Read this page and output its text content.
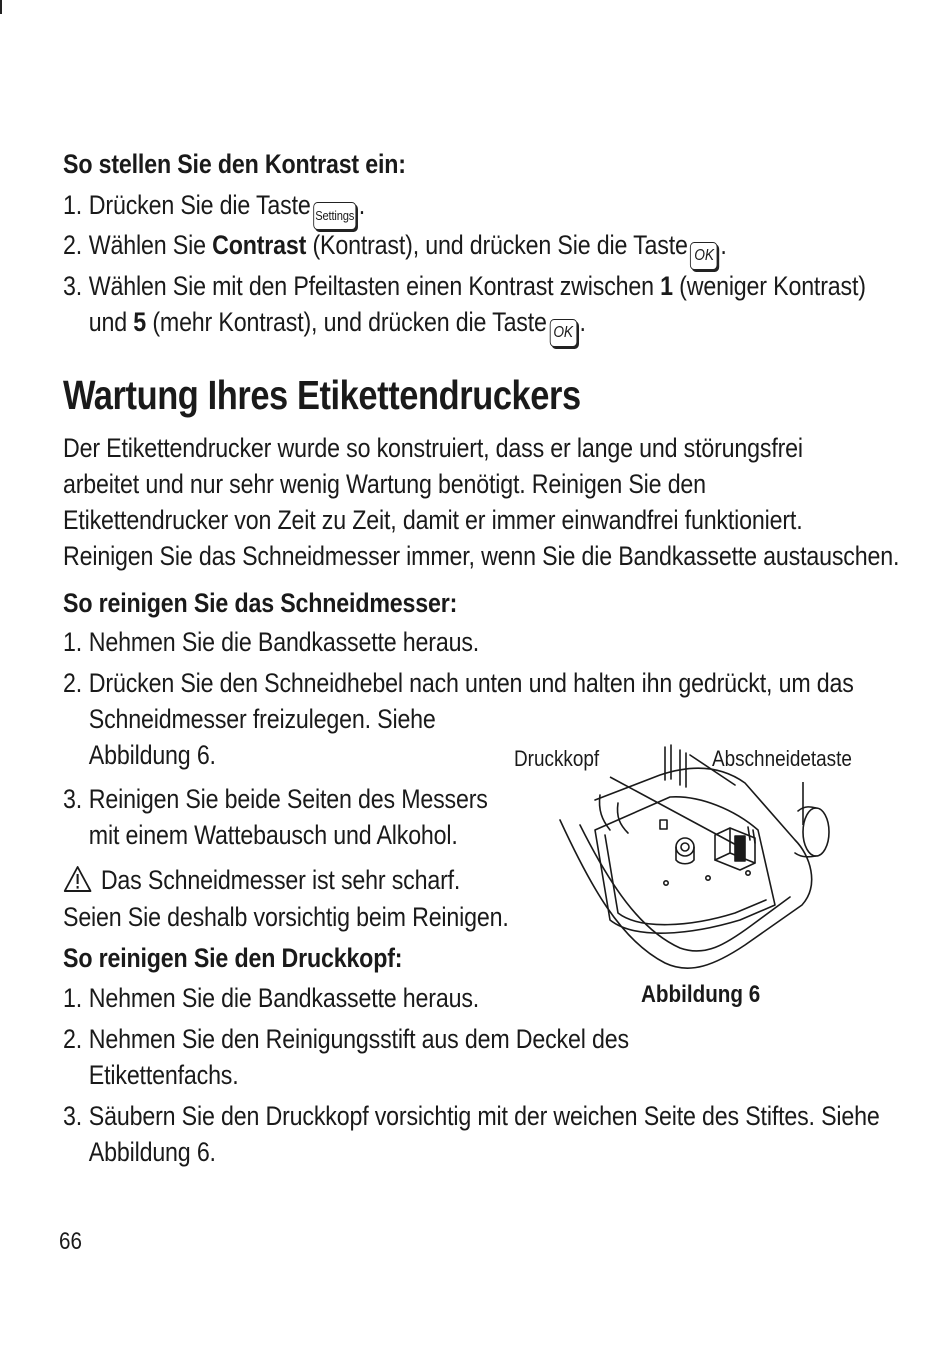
So stellen Sie den Kontrast ein:
1. Drücken Sie die Taste Settings .
2. Wählen Sie Contrast (Kontrast), und drücken Sie die Taste OK .
3. Wählen Sie mit den Pfeiltasten einen Kontrast zwischen 1 (weniger Kontrast)
und 5 (mehr Kontrast), und drücken die Taste OK .
Wartung Ihres Etikettendruckers
Der Etikettendrucker wurde so konstruiert, dass er lange und störungsfrei
arbeitet und nur sehr wenig Wartung benötigt. Reinigen Sie den
Etikettendrucker von Zeit zu Zeit, damit er immer einwandfrei funktioniert.
Reinigen Sie das Schneidmesser immer, wenn Sie die Bandkassette austauschen.
So reinigen Sie das Schneidmesser:
1. Nehmen Sie die Bandkassette heraus.
2. Drücken Sie den Schneidhebel nach unten und halten ihn gedrückt, um das
Schneidmesser freizulegen. Siehe
Abbildung 6.
3. Reinigen Sie beide Seiten des Messers
mit einem Wattebausch und Alkohol.
Das Schneidmesser ist sehr scharf.
Seien Sie deshalb vorsichtig beim Reinigen.
So reinigen Sie den Druckkopf:
1. Nehmen Sie die Bandkassette heraus.
2. Nehmen Sie den Reinigungsstift aus dem Deckel des
Etikettenfachs.
3. Säubern Sie den Druckkopf vorsichtig mit der weichen Seite des Stiftes. Siehe
Abbildung 6.
Druckkopf	Abschneidetaste
Abbildung 6
66
